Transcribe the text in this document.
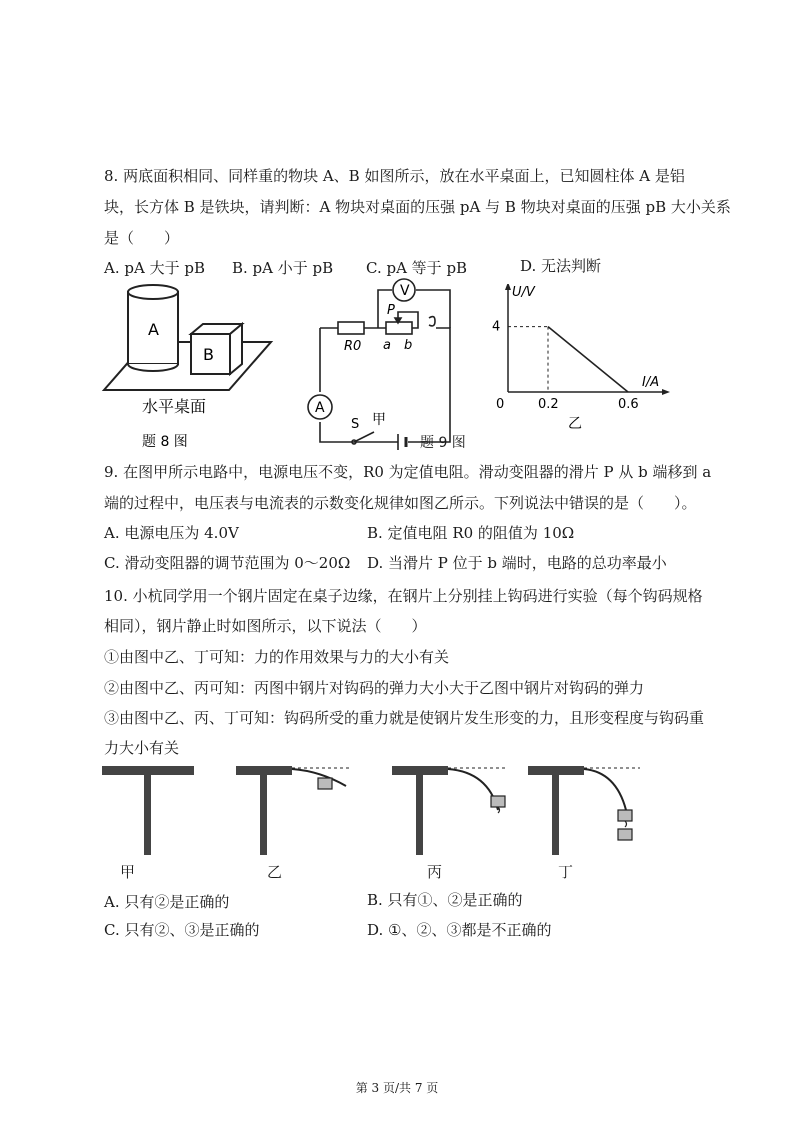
8. 两底面积相同、同样重的物块 A、B 如图所示，放在水平桌面上，已知圆柱体 A 是铝
块，长方体 B 是铁块，请判断：A 物块对桌面的压强 pA 与 B 物块对桌面的压强 pB 大小关系
是（　　）
A. pA 大于 pB B. pA 小于 pB C. pA 等于 pB	D. 无法判断
A
B
水平桌面
题 8 图
V
A
R0
P
a b
S 甲
题 9 图
4
0.2	0.6
0
U/V
I/A
乙
9. 在图甲所示电路中，电源电压不变，R0 为定值电阻。滑动变阻器的滑片 P 从 b 端移到 a
端的过程中，电压表与电流表的示数变化规律如图乙所示。下列说法中错误的是（　　）。
A. 电源电压为 4.0V	B. 定值电阻 R0 的阻值为 10Ω
C. 滑动变阻器的调节范围为 0～20Ω D. 当滑片 P 位于 b 端时，电路的总功率最小
10. 小杭同学用一个钢片固定在桌子边缘，在钢片上分别挂上钩码进行实验（每个钩码规格
相同），钢片静止时如图所示，以下说法（　　）
①由图中乙、丁可知：力的作用效果与力的大小有关
②由图中乙、丙可知：丙图中钢片对钩码的弹力大小大于乙图中钢片对钩码的弹力
③由图中乙、丙、丁可知：钩码所受的重力就是使钢片发生形变的力，且形变程度与钩码重
力大小有关
甲	乙	丙	丁
A. 只有②是正确的	B. 只有①、②是正确的
C. 只有②、③是正确的	D. ①、②、③都是不正确的
第 3 页/共 7 页
